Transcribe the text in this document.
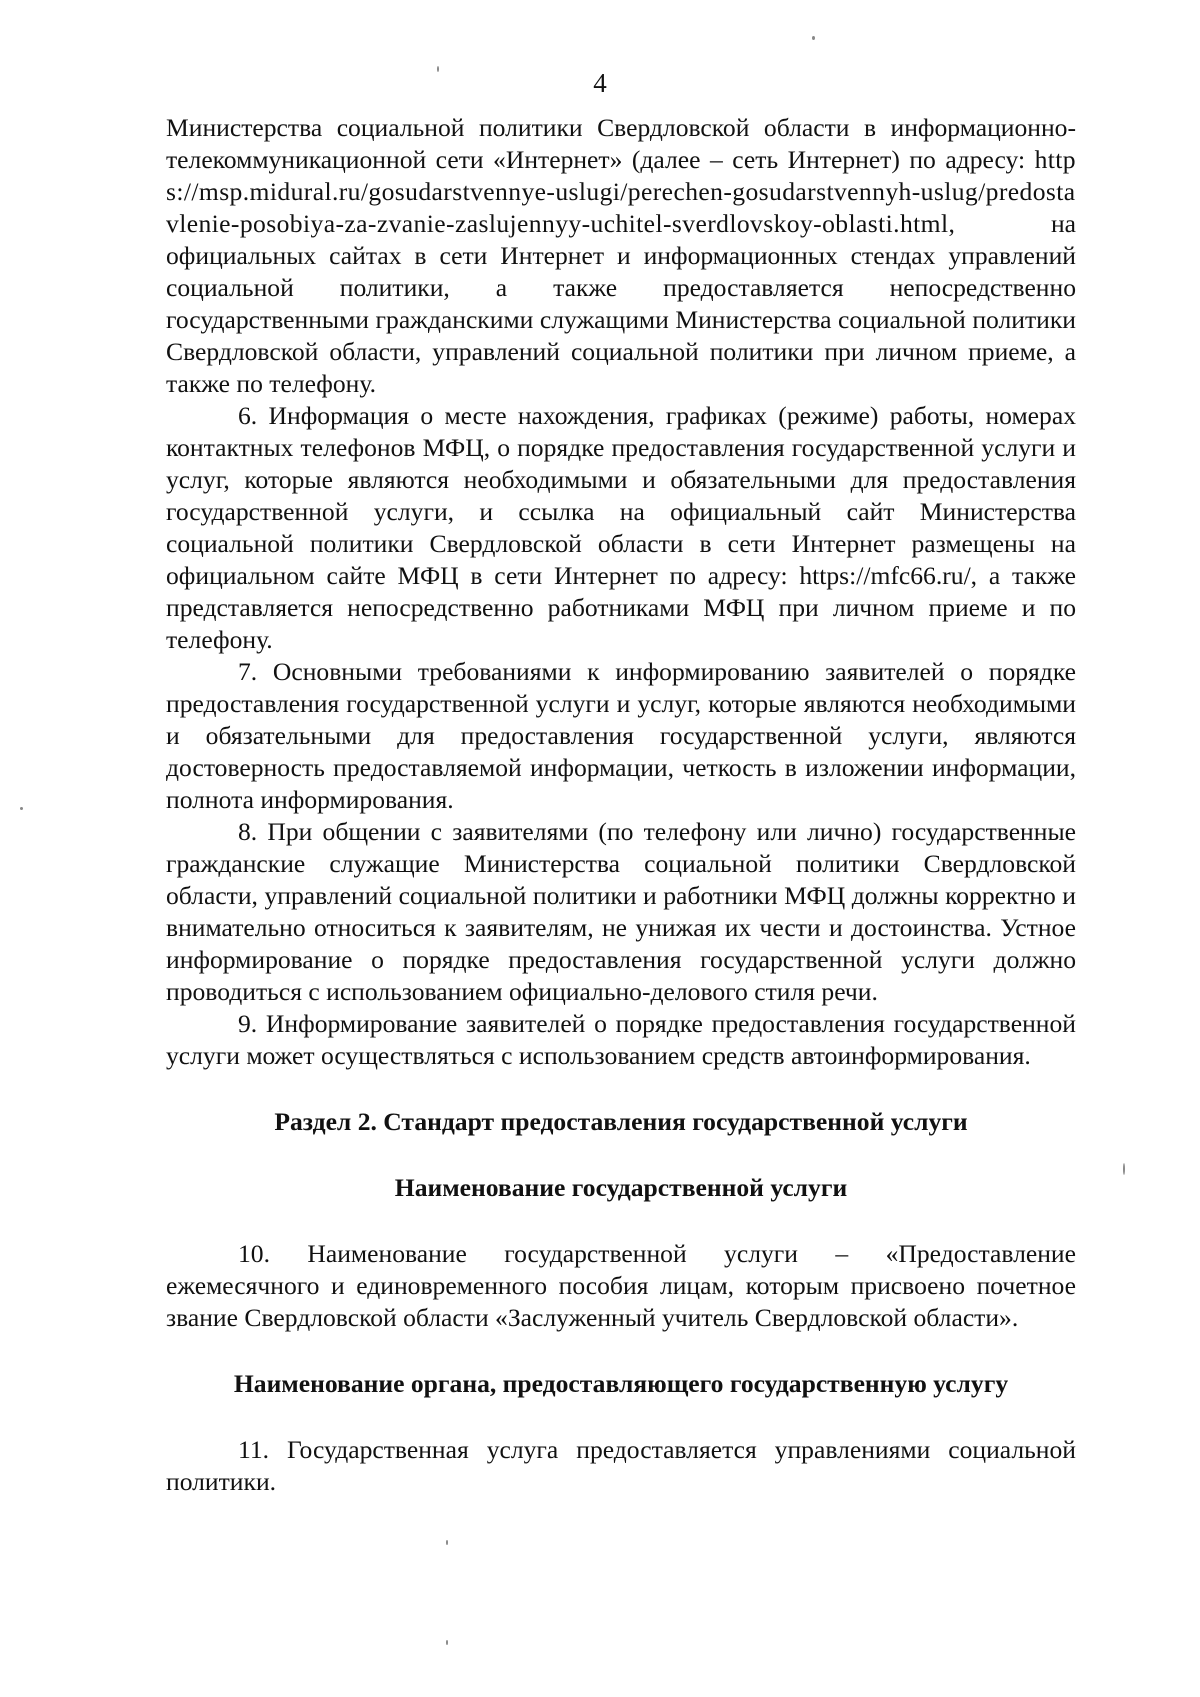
4

Министерства социальной политики Свердловской области в информационно-телекоммуникационной сети «Интернет» (далее – сеть Интернет) по адресу: https://msp.midural.ru/gosudarstvennye-uslugi/perechen-gosudarstvennyh-uslug/predostavlenie-posobiya-za-zvanie-zaslujennyy-uchitel-sverdlovskoy-oblasti.html, на официальных сайтах в сети Интернет и информационных стендах управлений социальной политики, а также предоставляется непосредственно государственными гражданскими служащими Министерства социальной политики Свердловской области, управлений социальной политики при личном приеме, а также по телефону.

6. Информация о месте нахождения, графиках (режиме) работы, номерах контактных телефонов МФЦ, о порядке предоставления государственной услуги и услуг, которые являются необходимыми и обязательными для предоставления государственной услуги, и ссылка на официальный сайт Министерства социальной политики Свердловской области в сети Интернет размещены на официальном сайте МФЦ в сети Интернет по адресу: https://mfc66.ru/, а также представляется непосредственно работниками МФЦ при личном приеме и по телефону.

7. Основными требованиями к информированию заявителей о порядке предоставления государственной услуги и услуг, которые являются необходимыми и обязательными для предоставления государственной услуги, являются достоверность предоставляемой информации, четкость в изложении информации, полнота информирования.

8. При общении с заявителями (по телефону или лично) государственные гражданские служащие Министерства социальной политики Свердловской области, управлений социальной политики и работники МФЦ должны корректно и внимательно относиться к заявителям, не унижая их чести и достоинства. Устное информирование о порядке предоставления государственной услуги должно проводиться с использованием официально-делового стиля речи.

9. Информирование заявителей о порядке предоставления государственной услуги может осуществляться с использованием средств автоинформирования.

Раздел 2. Стандарт предоставления государственной услуги

Наименование государственной услуги

10. Наименование государственной услуги – «Предоставление ежемесячного и единовременного пособия лицам, которым присвоено почетное звание Свердловской области «Заслуженный учитель Свердловской области».

Наименование органа, предоставляющего государственную услугу

11. Государственная услуга предоставляется управлениями социальной политики.
